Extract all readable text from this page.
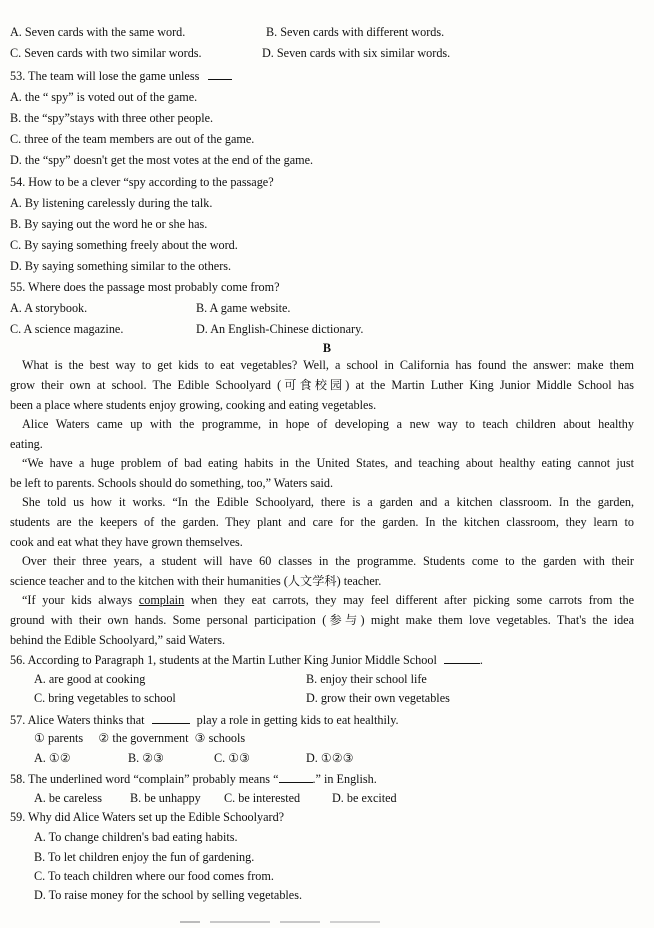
A. Seven cards with the same word.	B. Seven cards with different words.
C. Seven cards with two similar words.	D. Seven cards with six similar words.
53. The team will lose the game unless
A. the “ spy” is voted out of the game.
B. the “spy”stays with three other people.
C. three of the team members are out of the game.
D. the “spy” doesn't get the most votes at the end of the game.
54. How to be a clever “spy according to the passage?
A. By listening carelessly during the talk.
B. By saying out the word he or she has.
C. By saying something freely about the word.
D. By saying something similar to the others.
55. Where does the passage most probably come from?
A. A storybook.	B. A game website.
C. A science magazine.	D. An English-Chinese dictionary.
B
What is the best way to get kids to eat vegetables? Well, a school in California has found the answer: make them
grow their own at school. The Edible Schoolyard (可食校园) at the Martin Luther King Junior Middle School has
been a place where students enjoy growing, cooking and eating vegetables.
Alice Waters came up with the programme, in hope of developing a new way to teach children about healthy
eating.
“We have a huge problem of bad eating habits in the United States, and teaching about healthy eating cannot just
be left to parents. Schools should do something, too,” Waters said.
She told us how it works. “In the Edible Schoolyard, there is a garden and a kitchen classroom. In the garden,
students are the keepers of the garden. They plant and care for the garden. In the kitchen classroom, they learn to
cook and eat what they have grown themselves.
Over their three years, a student will have 60 classes in the programme. Students come to the garden with their
science teacher and to the kitchen with their humanities (人文学科) teacher.
“If your kids always complain when they eat carrots, they may feel different after picking some carrots from the
ground with their own hands. Some personal participation (参与) might make them love vegetables. That's the idea
behind the Edible Schoolyard,” said Waters.
56. According to Paragraph 1, students at the Martin Luther King Junior Middle School	.
A. are good at cooking	B. enjoy their school life
C. bring vegetables to school	D. grow their own vegetables
57. Alice Waters thinks that	play a role in getting kids to eat healthily.
① parents     ② the government  ③ schools
A. ①②	B. ②③	C. ①③	D. ①②③
58. The underlined word “complain” probably means “	.” in English.
A. be careless B. be unhappy C. be interested	D. be excited
59. Why did Alice Waters set up the Edible Schoolyard?
A. To change children's bad eating habits.
B. To let children enjoy the fun of gardening.
C. To teach children where our food comes from.
D. To raise money for the school by selling vegetables.
